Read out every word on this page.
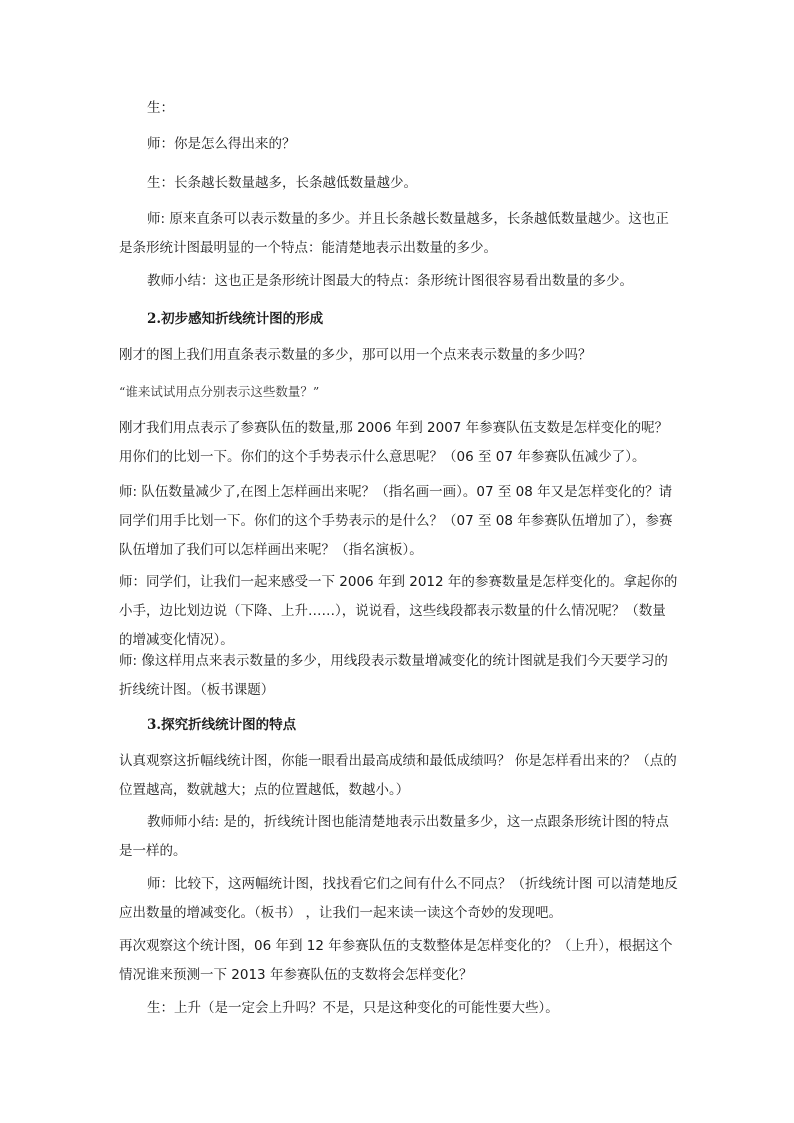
生：

师：你是怎么得出来的？

生：长条越长数量越多，长条越低数量越少。

师: 原来直条可以表示数量的多少。并且长条越长数量越多，长条越低数量越少。这也正是条形统计图最明显的一个特点：能清楚地表示出数量的多少。

教师小结：这也正是条形统计图最大的特点：条形统计图很容易看出数量的多少。

2.初步感知折线统计图的形成

刚才的图上我们用直条表示数量的多少，那可以用一个点来表示数量的多少吗？

“谁来试试用点分别表示这些数量？”

刚才我们用点表示了参赛队伍的数量,那 2006 年到 2007 年参赛队伍支数是怎样变化的呢？用你们的比划一下。你们的这个手势表示什么意思呢？（06 至 07 年参赛队伍减少了）。

师: 队伍数量减少了,在图上怎样画出来呢？（指名画一画）。07 至 08 年又是怎样变化的？请同学们用手比划一下。你们的这个手势表示的是什么？（07 至 08 年参赛队伍增加了），参赛队伍增加了我们可以怎样画出来呢？（指名演板）。

师：同学们，让我们一起来感受一下 2006 年到 2012 年的参赛数量是怎样变化的。拿起你的小手，边比划边说（下降、上升……），说说看，这些线段都表示数量的什么情况呢？（数量的增减变化情况）。

师: 像这样用点来表示数量的多少，用线段表示数量增减变化的统计图就是我们今天要学习的折线统计图。（板书课题）

3.探究折线统计图的特点

认真观察这折幅线统计图，你能一眼看出最高成绩和最低成绩吗？ 你是怎样看出来的？（点的位置越高，数就越大；点的位置越低，数越小。）

教师师小结: 是的，折线统计图也能清楚地表示出数量多少，这一点跟条形统计图的特点是一样的。

师：比较下，这两幅统计图，找找看它们之间有什么不同点？（折线统计图 可以清楚地反应出数量的增减变化。（板书） ，让我们一起来读一读这个奇妙的发现吧。

再次观察这个统计图，06 年到 12 年参赛队伍的支数整体是怎样变化的？（上升），根据这个情况谁来预测一下 2013 年参赛队伍的支数将会怎样变化？

生：上升（是一定会上升吗？不是，只是这种变化的可能性要大些）。
